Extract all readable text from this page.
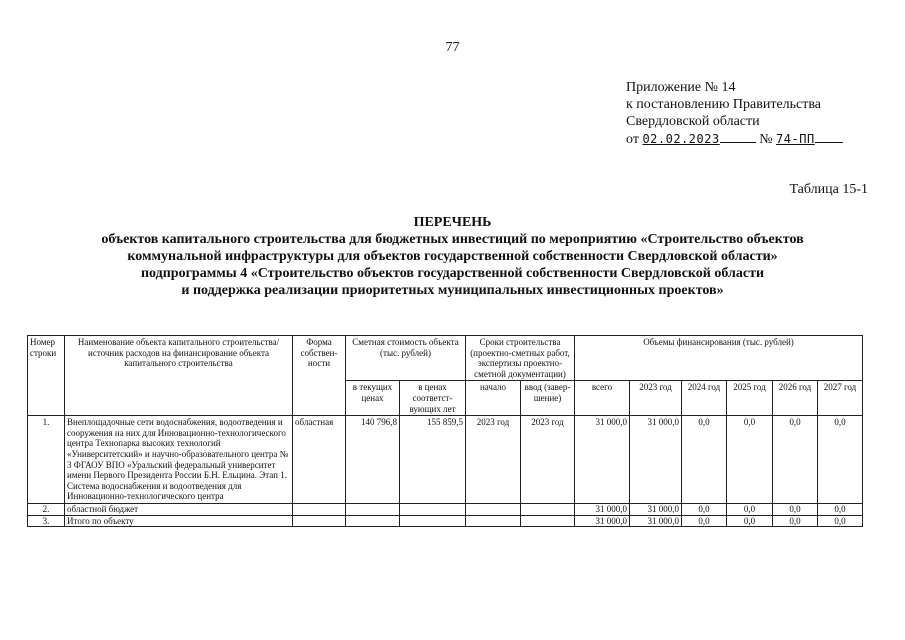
77
Приложение № 14
к постановлению Правительства
Свердловской области
от 02.02.2023	№ 74-ПП
Таблица 15-1
ПЕРЕЧЕНЬ
объектов капитального строительства для бюджетных инвестиций по мероприятию «Строительство объектов
коммунальной инфраструктуры для объектов государственной собственности Свердловской области»
подпрограммы 4 «Строительство объектов государственной собственности Свердловской области
и поддержка реализации приоритетных муниципальных инвестиционных проектов»
Номер строки	Наименование объекта капитального строительства/ источник расходов на финансирование объекта капитального строительства	Форма собствен-ности	Сметная стоимость объекта (тыс. рублей)		Сроки строительства (проектно-сметных работ, экспертизы проектно-сметной документации)		Объемы финансирования (тыс. рублей)					
			в текущих ценах	в ценах соответст-вующих лет	начало	ввод (завер-шение)	всего	2023 год	2024 год	2025 год	2026 год	2027 год
1.	Внеплощадочные сети водоснабжения, водоотведения и сооружения на них для Инновационно-технологического центра Технопарка высоких технологий «Университетский» и научно-образовательного центра № 3 ФГАОУ ВПО «Уральский федеральный университет имени Первого Президента России Б.Н. Ельцина. Этап 1. Система водоснабжения и водоотведения для Инновационно-технологического центра	областная	140 796,8	155 859,5	2023 год	2023 год	31 000,0	31 000,0	0,0	0,0	0,0	0,0
2.	областной бюджет						31 000,0	31 000,0	0,0	0,0	0,0	0,0
3.	Итого по объекту						31 000,0	31 000,0	0,0	0,0	0,0	0,0
